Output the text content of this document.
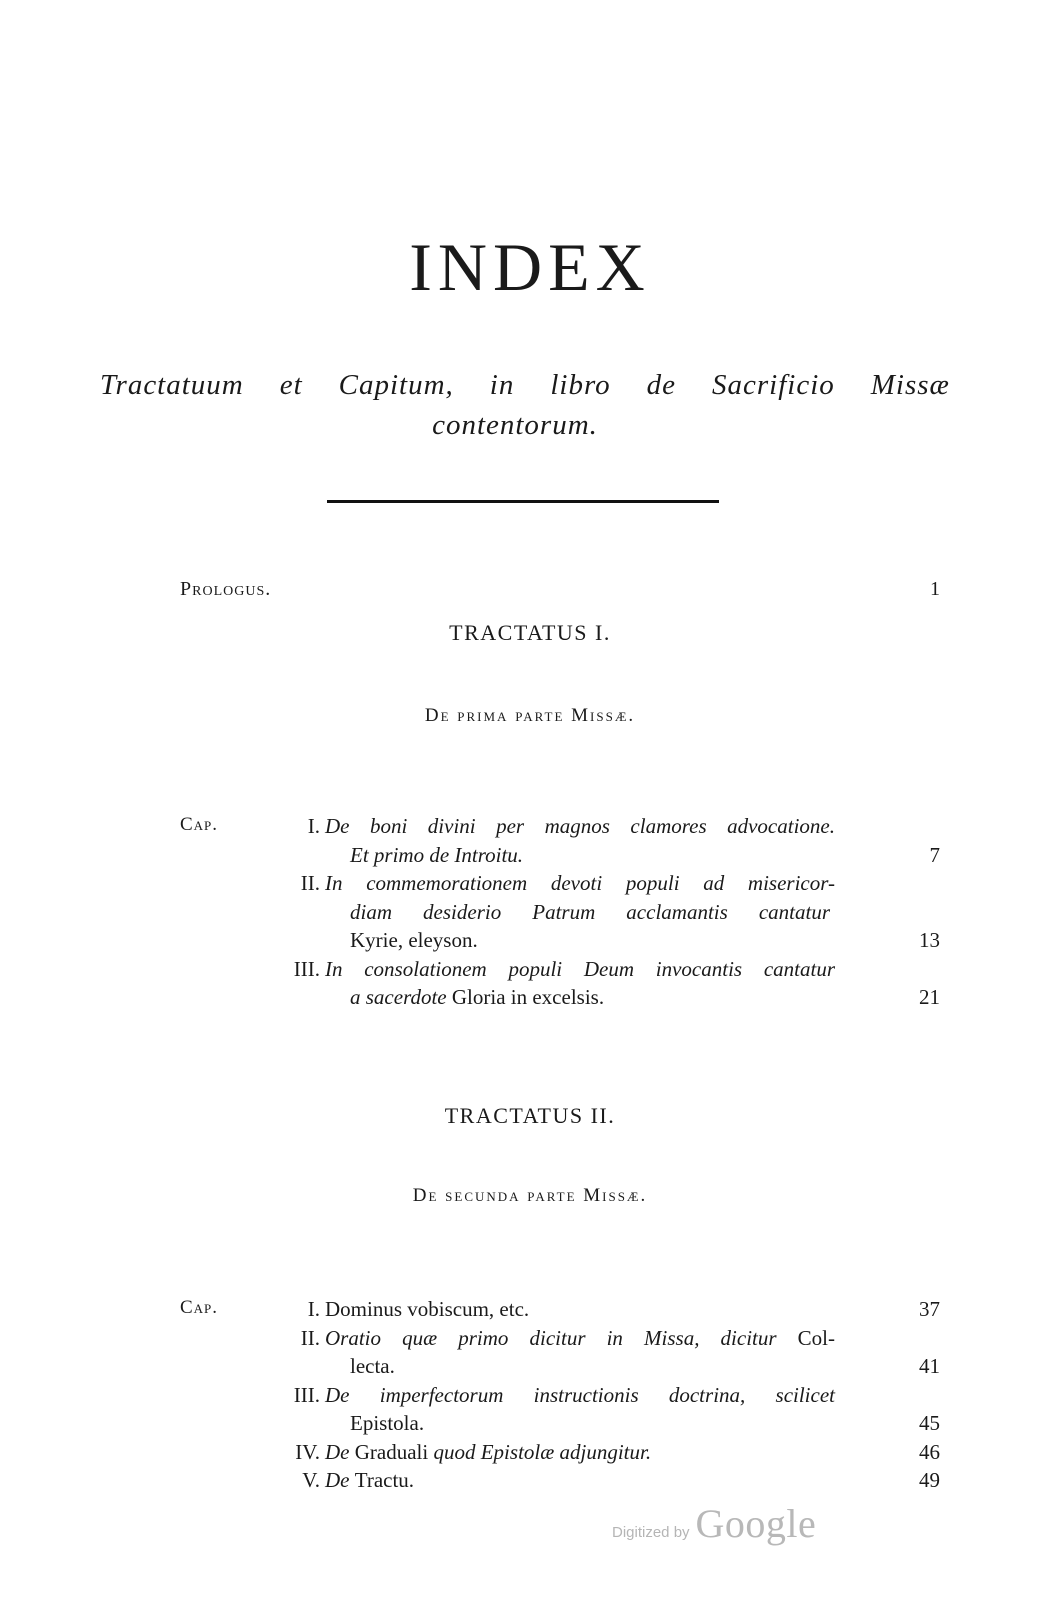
INDEX
Tractatuum et Capitum, in libro de Sacrificio Missæ
contentorum.
Prologus.	1
TRACTATUS I.
De prima parte Missæ.
Cap.	I. De boni divini per magnos clamores advocatione.
Et primo de Introitu.	7
II. In commemorationem devoti populi ad misericor-
diam desiderio Patrum acclamantis cantatur
Kyrie, eleyson.	13
III. In consolationem populi Deum invocantis cantatur
a sacerdote Gloria in excelsis.	21
TRACTATUS II.
De secunda parte Missæ.
Cap.	I. Dominus vobiscum, etc.	37
II. Oratio quæ primo dicitur in Missa, dicitur Col-
lecta.	41
III. De imperfectorum instructionis doctrina, scilicet
Epistola.	45
IV. De Graduali quod Epistolæ adjungitur.	46
V. De Tractu.	49
Digitized by Google
